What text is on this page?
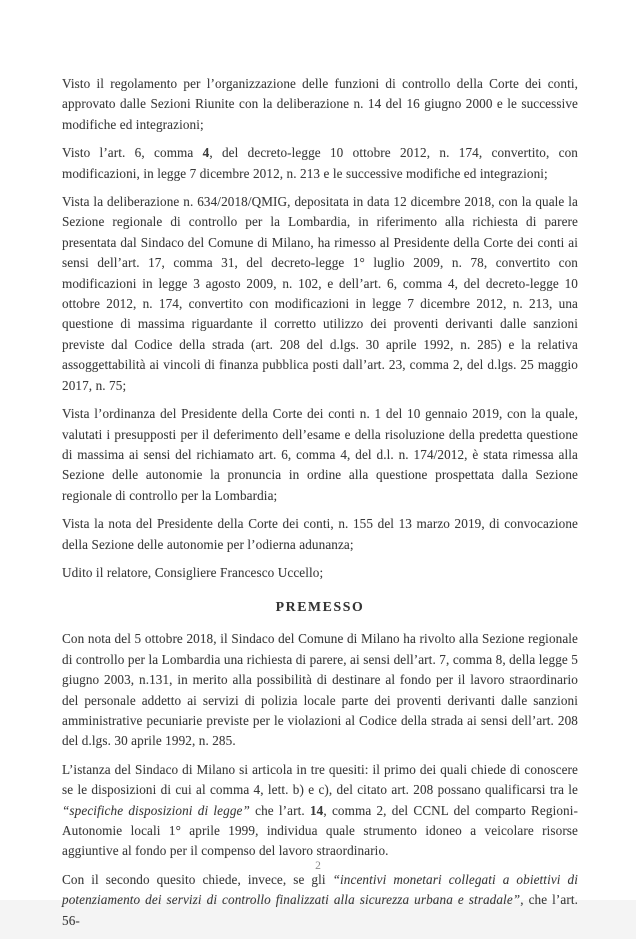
Visto il regolamento per l’organizzazione delle funzioni di controllo della Corte dei conti, approvato dalle Sezioni Riunite con la deliberazione n. 14 del 16 giugno 2000 e le successive modifiche ed integrazioni;

Visto l’art. 6, comma 4, del decreto-legge 10 ottobre 2012, n. 174, convertito, con modificazioni, in legge 7 dicembre 2012, n. 213 e le successive modifiche ed integrazioni;

Vista la deliberazione n. 634/2018/QMIG, depositata in data 12 dicembre 2018, con la quale la Sezione regionale di controllo per la Lombardia, in riferimento alla richiesta di parere presentata dal Sindaco del Comune di Milano, ha rimesso al Presidente della Corte dei conti ai sensi dell’art. 17, comma 31, del decreto-legge 1° luglio 2009, n. 78, convertito con modificazioni in legge 3 agosto 2009, n. 102, e dell’art. 6, comma 4, del decreto-legge 10 ottobre 2012, n. 174, convertito con modificazioni in legge 7 dicembre 2012, n. 213, una questione di massima riguardante il corretto utilizzo dei proventi derivanti dalle sanzioni previste dal Codice della strada (art. 208 del d.lgs. 30 aprile 1992, n. 285) e la relativa assoggettabilità ai vincoli di finanza pubblica posti dall’art. 23, comma 2, del d.lgs. 25 maggio 2017, n. 75;

Vista l’ordinanza del Presidente della Corte dei conti n. 1 del 10 gennaio 2019, con la quale, valutati i presupposti per il deferimento dell’esame e della risoluzione della predetta questione di massima ai sensi del richiamato art. 6, comma 4, del d.l. n. 174/2012, è stata rimessa alla Sezione delle autonomie la pronuncia in ordine alla questione prospettata dalla Sezione regionale di controllo per la Lombardia;

Vista la nota del Presidente della Corte dei conti, n. 155 del 13 marzo 2019, di convocazione della Sezione delle autonomie per l’odierna adunanza;

Udito il relatore, Consigliere Francesco Uccello;

PREMESSO

Con nota del 5 ottobre 2018, il Sindaco del Comune di Milano ha rivolto alla Sezione regionale di controllo per la Lombardia una richiesta di parere, ai sensi dell’art. 7, comma 8, della legge 5 giugno 2003, n.131, in merito alla possibilità di destinare al fondo per il lavoro straordinario del personale addetto ai servizi di polizia locale parte dei proventi derivanti dalle sanzioni amministrative pecuniarie previste per le violazioni al Codice della strada ai sensi dell’art. 208 del d.lgs. 30 aprile 1992, n. 285.

L’istanza del Sindaco di Milano si articola in tre quesiti: il primo dei quali chiede di conoscere se le disposizioni di cui al comma 4, lett. b) e c), del citato art. 208 possano qualificarsi tra le “specifiche disposizioni di legge” che l’art. 14, comma 2, del CCNL del comparto Regioni-Autonomie locali 1° aprile 1999, individua quale strumento idoneo a veicolare risorse aggiuntive al fondo per il compenso del lavoro straordinario.

Con il secondo quesito chiede, invece, se gli “incentivi monetari collegati a obiettivi di potenziamento dei servizi di controllo finalizzati alla sicurezza urbana e stradale”, che l’art. 56-

2
